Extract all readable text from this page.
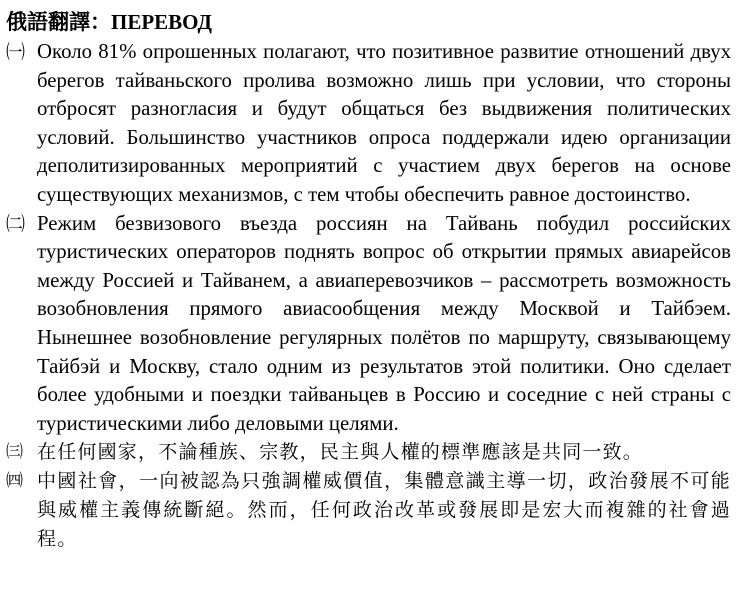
俄語翻譯：ПЕРЕВОД
㈠ Около 81% опрошенных полагают, что позитивное развитие отношений двух берегов тайваньского пролива возможно лишь при условии, что стороны отбросят разногласия и будут общаться без выдвижения политических условий. Большинство участников опроса поддержали идею организации деполитизированных мероприятий с участием двух берегов на основе существующих механизмов, с тем чтобы обеспечить равное достоинство.
㈡ Режим безвизового въезда россиян на Тайвань побудил российских туристических операторов поднять вопрос об открытии прямых авиарейсов между Россией и Тайванем, а авиаперевозчиков – рассмотреть возможность возобновления прямого авиасообщения между Москвой и Тайбэем. Нынешнее возобновление регулярных полётов по маршруту, связывающему Тайбэй и Москву, стало одним из результатов этой политики. Оно сделает более удобными и поездки тайваньцев в Россию и соседние с ней страны с туристическими либо деловыми целями.
㈢ 在任何國家，不論種族、宗教，民主與人權的標準應該是共同一致。
㈣ 中國社會，一向被認為只強調權威價值，集體意識主導一切，政治發展不可能與威權主義傳統斷絕。然而，任何政治改革或發展即是宏大而複雜的社會過程。
